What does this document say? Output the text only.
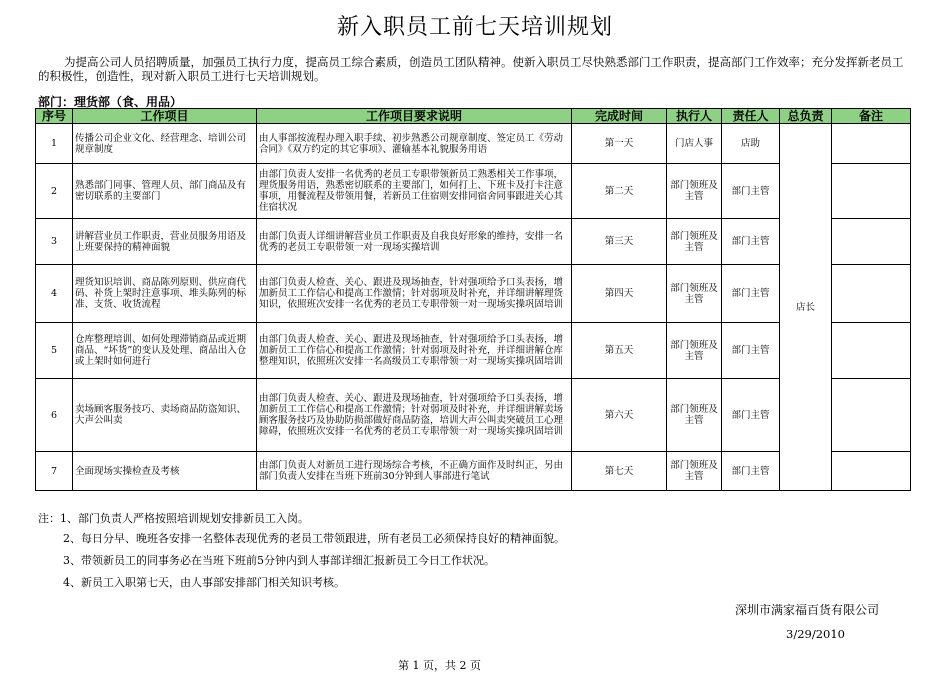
新入职员工前七天培训规划
为提高公司人员招聘质量，加强员工执行力度，提高员工综合素质，创造员工团队精神。使新入职员工尽快熟悉部门工作职责，提高部门工作效率；充分发挥新老员工的积极性，创造性，现对新入职员工进行七天培训规划。
部门：理货部（食、用品）
序号	工作项目	工作项目要求说明	完成时间	执行人	责任人	总负责	备注
1	传播公司企业文化、经营理念、培训公司规章制度	由人事部按流程办理入职手续、初步熟悉公司规章制度、签定员工《劳动合同》《双方约定的其它事项》、灌输基本礼貌服务用语	第一天	门店人事	店助	店长	
2	熟悉部门同事、管理人员、部门商品及有密切联系的主要部门	由部门负责人安排一名优秀的老员工专职带领新员工熟悉相关工作事项，理货服务用语，熟悉密切联系的主要部门，如何打上、下班卡及打卡注意事项，用餐流程及带领用餐，若新员工住宿则安排同宿舍同事跟进关心其住宿状况	第二天	部门领班及主管	部门主管		
3	讲解营业员工作职责，营业员服务用语及上班要保持的精神面貌	由部门负责人详细讲解营业员工作职责及自我良好形象的维持，安排一名优秀的老员工专职带领一对一现场实操培训	第三天	部门领班及主管	部门主管		
4	理货知识培训、商品陈列原则、供应商代码、补货上架时注意事项、堆头陈列的标准、支货、收货流程	由部门负责人检查、关心、跟进及现场抽查，针对强项给予口头表扬，增加新员工工作信心和提高工作激情；针对弱项及时补充，并详细讲解理货知识，依照班次安排一名优秀的老员工专职带领一对一现场实操巩固培训	第四天	部门领班及主管	部门主管		
5	仓库整理培训、如何处理滞销商品或近期商品、“坏货”的变认及处理、商品出入仓或上架时如何进行	由部门负责人检查、关心、跟进及现场抽查，针对强项给予口头表扬，增加新员工工作信心和提高工作激情；针对弱项及时补充，并详细讲解仓库整理知识，依照班次安排一名高级员工专职带领一对一现场实操巩固培训	第五天	部门领班及主管	部门主管		
6	卖场顾客服务技巧、卖场商品防盗知识、大声公叫卖	由部门负责人检查、关心、跟进及现场抽查，针对强项给予口头表扬，增加新员工工作信心和提高工作激情；针对弱项及时补充，并详细讲解卖场顾客服务技巧及协助防损部做好商品防盗，培训大声公叫卖突破员工心理障碍，依照班次安排一名优秀的老员工专职带领一对一现场实操巩固培训	第六天	部门领班及主管	部门主管		
7	全面现场实操检查及考核	由部门负责人对新员工进行现场综合考核，不正确方面作及时纠正，另由部门负责人安排在当班下班前30分钟到人事部进行笔试	第七天	部门领班及主管	部门主管		
注：1、部门负责人严格按照培训规划安排新员工入岗。
2、每日分早、晚班各安排一名整体表现优秀的老员工带领跟进，所有老员工必须保持良好的精神面貌。
3、带领新员工的同事务必在当班下班前5分钟内到人事部详细汇报新员工今日工作状况。
4、新员工入职第七天，由人事部安排部门相关知识考核。
深圳市满家福百货有限公司
3/29/2010
第 1 页，共 2 页
